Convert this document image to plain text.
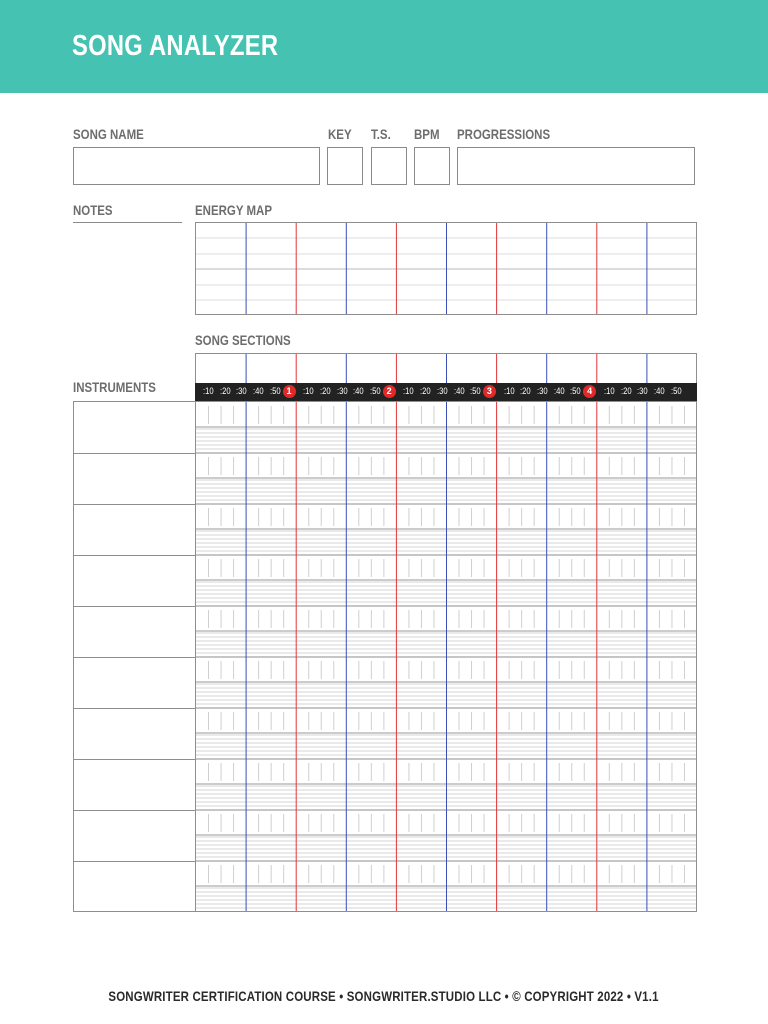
SONG ANALYZER
SONG NAME	KEY T.S. BPM PROGRESSIONS
NOTES	ENERGY MAP
SONG SECTIONS
:10 :20 :30 :40 :50 1	:10 :20 :30 :40 :50 2	:10 :20 :30 :40 :50 3	:10 :20 :30 :40 :50 4	:10 :20 :30 :40 :50
INSTRUMENTS
SONGWRITER CERTIFICATION COURSE • SONGWRITER.STUDIO LLC • © COPYRIGHT 2022 • V1.1
